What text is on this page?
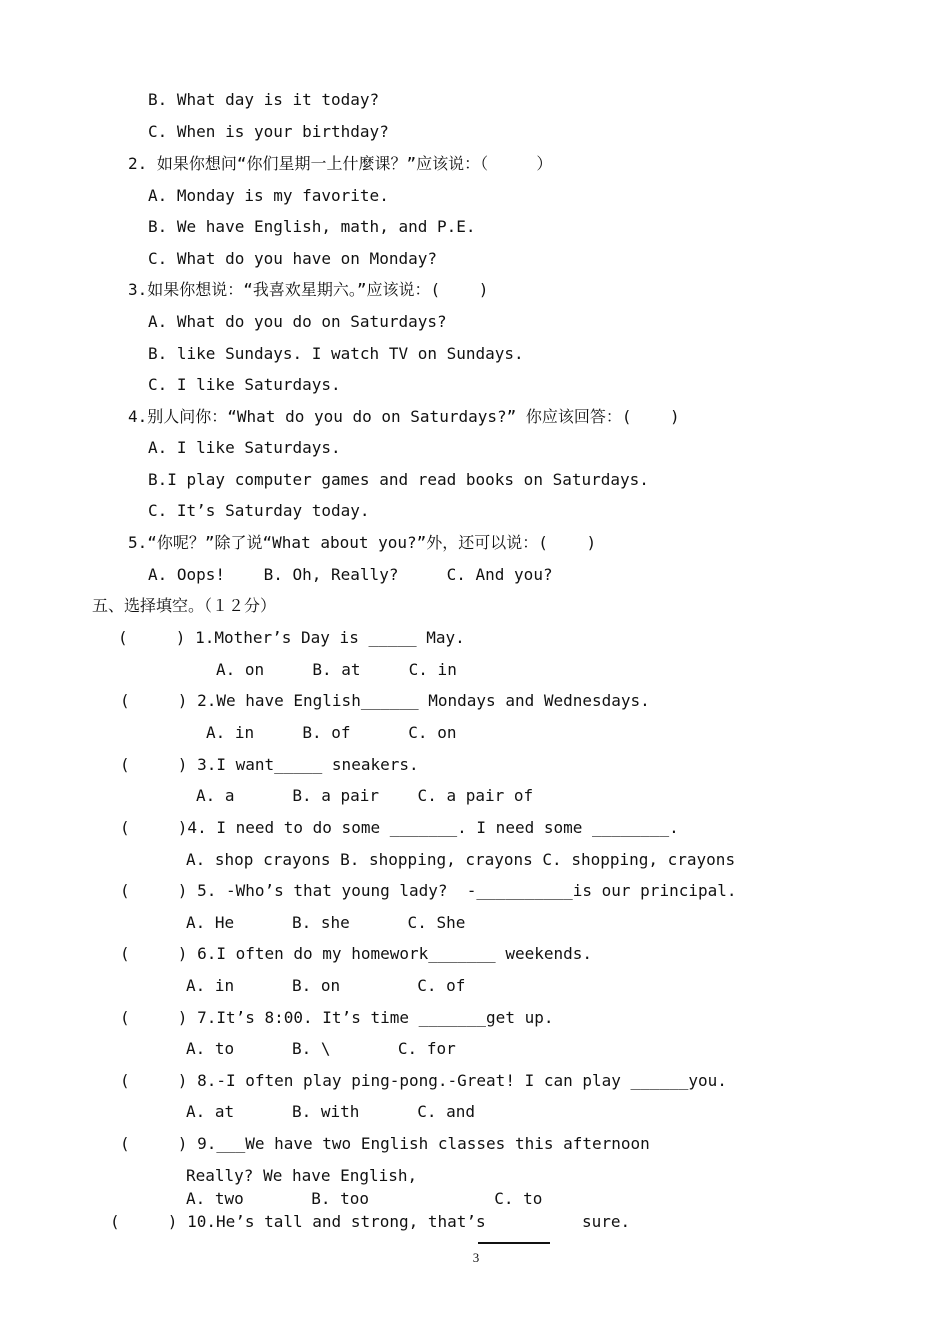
B. What day is it today?
C. When is your birthday?
2. 如果你想问“你们星期一上什麼课？”应该说：（     ）
A. Monday is my favorite.
B. We have English, math, and P.E.
C. What do you have on Monday?
3.如果你想说：“我喜欢星期六。”应该说：(    )
A. What do you do on Saturdays?
B. like Sundays. I watch TV on Sundays.
C. I like Saturdays.
4.别人问你：“What do you do on Saturdays?” 你应该回答：(    )
A. I like Saturdays.
B.I play computer games and read books on Saturdays.
C. It’s Saturday today.
5.“你呢？”除了说“What about you?”外，还可以说：(    )
A. Oops!    B. Oh, Really?     C. And you?
五、选择填空。（１２分）
(     ) 1.Mother’s Day is _____ May.
A. on     B. at     C. in
(     ) 2.We have English______ Mondays and Wednesdays.
A. in     B. of      C. on
(     ) 3.I want_____ sneakers.
A. a      B. a pair    C. a pair of
(     )4. I need to do some _______. I need some ________.
A. shop crayons B. shopping, crayons C. shopping, crayons
(     ) 5. -Who’s that young lady?  -__________is our principal.
A. He      B. she      C. She
(     ) 6.I often do my homework_______ weekends.
A. in      B. on        C. of
(     ) 7.It’s 8:00. It’s time _______get up.
A. to      B. \       C. for
(     ) 8.-I often play ping-pong.-Great! I can play ______you.
A. at      B. with      C. and
(     ) 9.___We have two English classes this afternoon
Really? We have English,
A. two       B. too             C. to
(     ) 10.He’s tall and strong, that’s          sure.
3
